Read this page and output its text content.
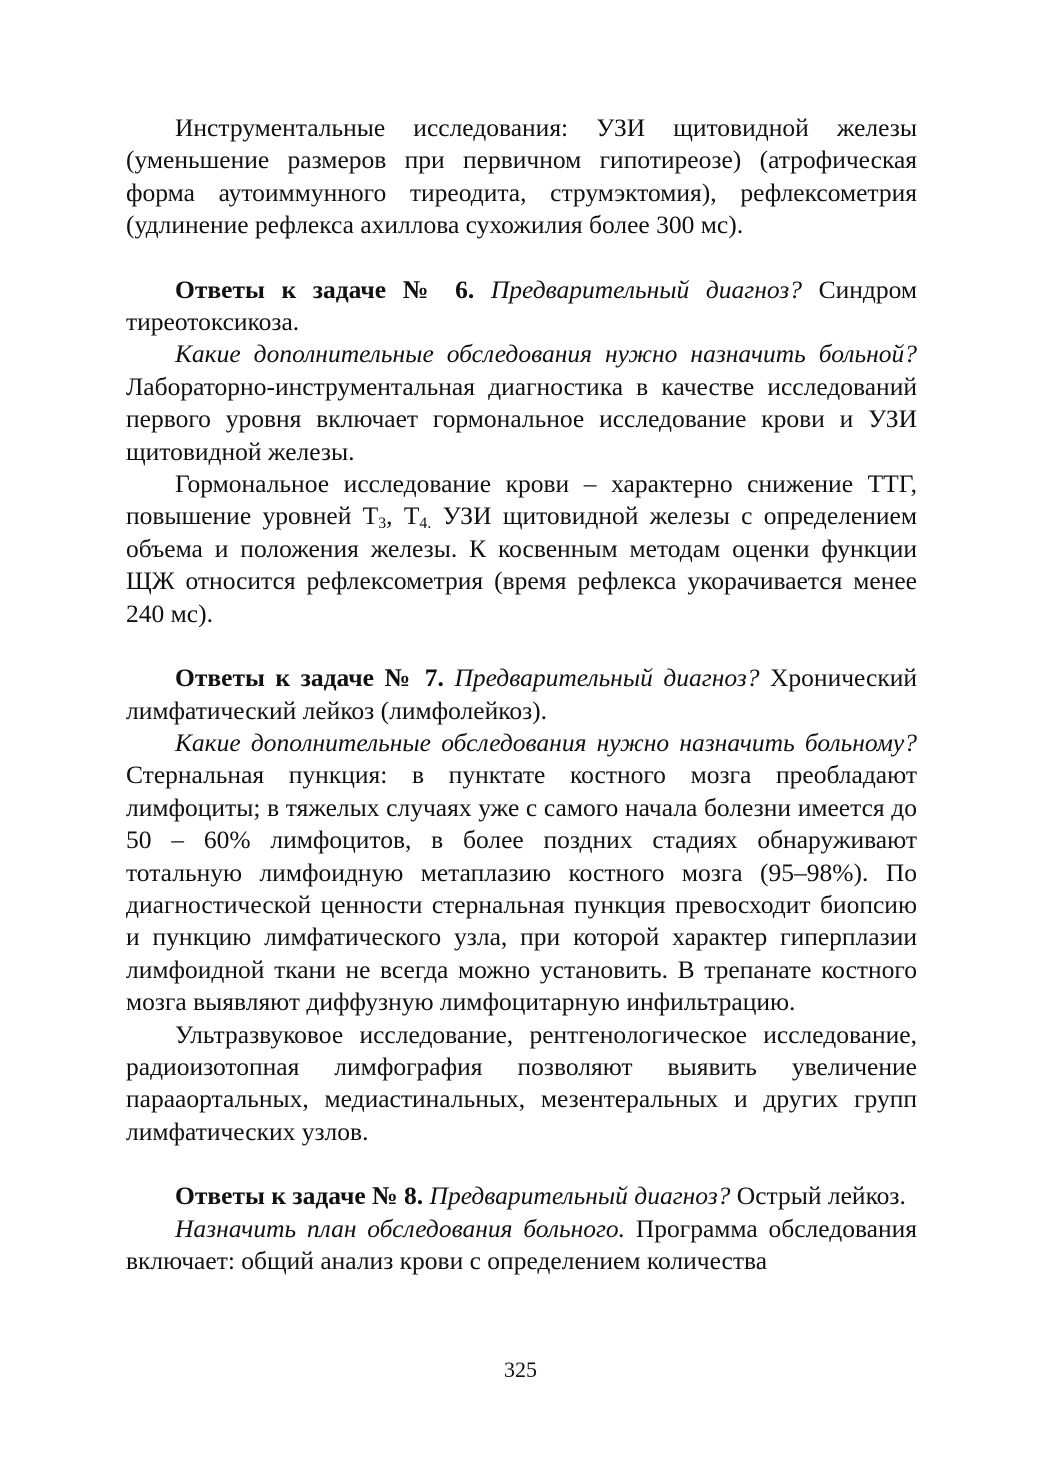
Инструментальные исследования: УЗИ щитовидной железы (уменьшение размеров при первичном гипотиреозе) (атрофическая форма аутоиммунного тиреодита, струмэктомия), рефлексометрия (удлинение рефлекса ахиллова сухожилия более 300 мс).

Ответы к задаче № 6. Предварительный диагноз? Синдром тиреотоксикоза.

Какие дополнительные обследования нужно назначить больной? Лабораторно-инструментальная диагностика в качестве исследований первого уровня включает гормональное исследование крови и УЗИ щитовидной железы.

Гормональное исследование крови – характерно снижение ТТГ, повышение уровней $Т_3$, $Т_{4.}$ УЗИ щитовидной железы с определением объема и положения железы. К косвенным методам оценки функции ЩЖ относится рефлексометрия (время рефлекса укорачивается менее 240 мс).

Ответы к задаче № 7. Предварительный диагноз? Хронический лимфатический лейкоз (лимфолейкоз).

Какие дополнительные обследования нужно назначить больному? Стернальная пункция: в пунктате костного мозга преобладают лимфоциты; в тяжелых случаях уже с самого начала болезни имеется до 50 – 60% лимфоцитов, в более поздних стадиях обнаруживают тотальную лимфоидную метаплазию костного мозга (95–98%). По диагностической ценности стернальная пункция превосходит биопсию и пункцию лимфатического узла, при которой характер гиперплазии лимфоидной ткани не всегда можно установить. В трепанате костного мозга выявляют диффузную лимфоцитарную инфильтрацию.

Ультразвуковое исследование, рентгенологическое исследование, радиоизотопная лимфография позволяют выявить увеличение парааортальных, медиастинальных, мезентеральных и других групп лимфатических узлов.

Ответы к задаче № 8. Предварительный диагноз? Острый лейкоз.

Назначить план обследования больного. Программа обследования включает: общий анализ крови с определением количества

325
